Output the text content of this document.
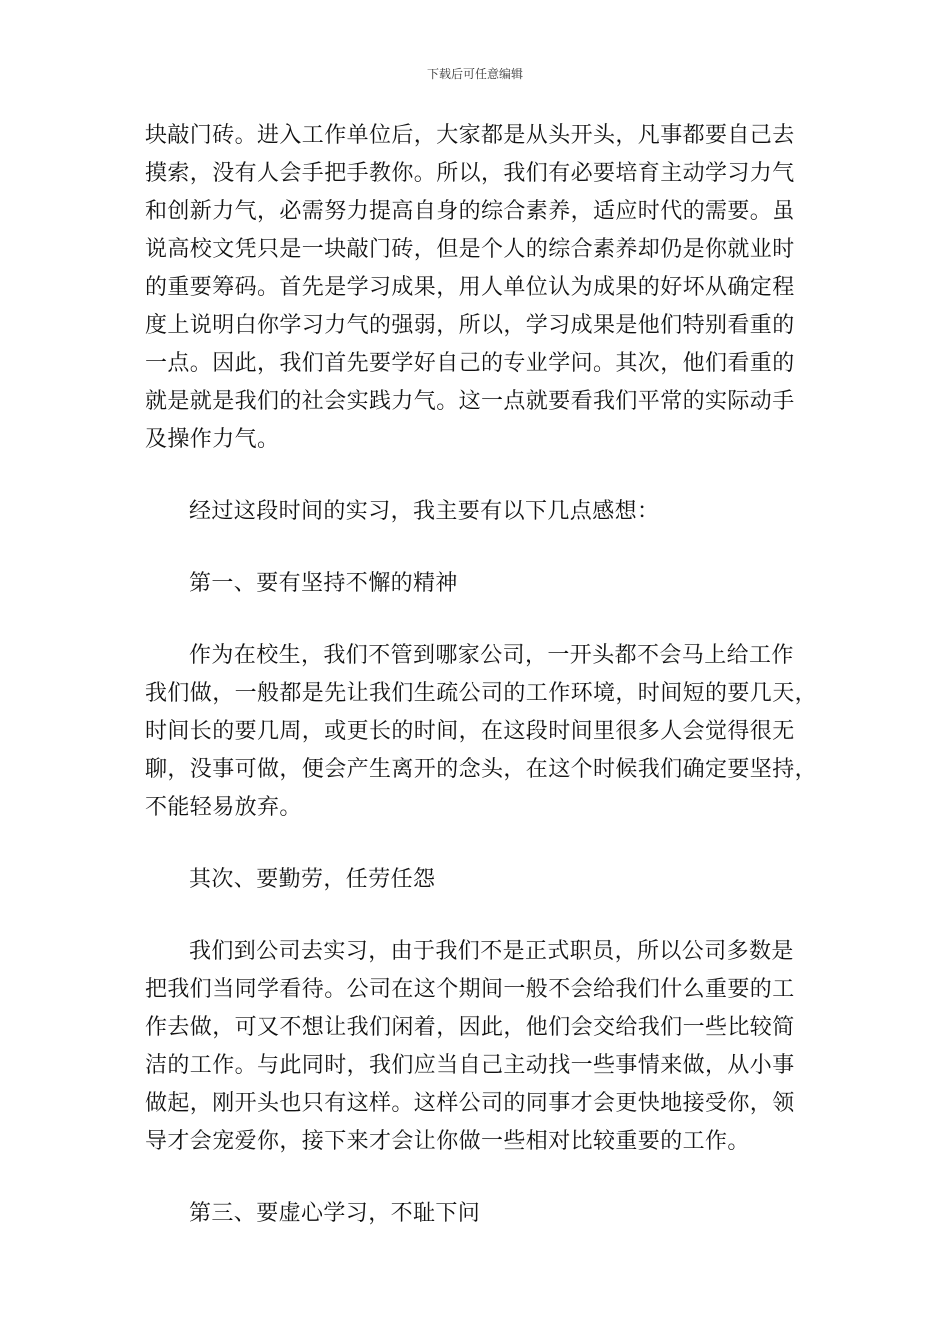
下载后可任意编辑

块敲门砖。进入工作单位后，大家都是从头开头，凡事都要自己去
摸索，没有人会手把手教你。所以，我们有必要培育主动学习力气
和创新力气，必需努力提高自身的综合素养，适应时代的需要。虽
说高校文凭只是一块敲门砖，但是个人的综合素养却仍是你就业时
的重要筹码。首先是学习成果，用人单位认为成果的好坏从确定程
度上说明白你学习力气的强弱，所以，学习成果是他们特别看重的
一点。因此，我们首先要学好自己的专业学问。其次，他们看重的
就是就是我们的社会实践力气。这一点就要看我们平常的实际动手
及操作力气。

经过这段时间的实习，我主要有以下几点感想：

第一、要有坚持不懈的精神

作为在校生，我们不管到哪家公司，一开头都不会马上给工作
我们做，一般都是先让我们生疏公司的工作环境，时间短的要几天，
时间长的要几周，或更长的时间，在这段时间里很多人会觉得很无
聊，没事可做，便会产生离开的念头，在这个时候我们确定要坚持，
不能轻易放弃。

其次、要勤劳，任劳任怨

我们到公司去实习，由于我们不是正式职员，所以公司多数是
把我们当同学看待。公司在这个期间一般不会给我们什么重要的工
作去做，可又不想让我们闲着，因此，他们会交给我们一些比较简
洁的工作。与此同时，我们应当自己主动找一些事情来做，从小事
做起，刚开头也只有这样。这样公司的同事才会更快地接受你，领
导才会宠爱你，接下来才会让你做一些相对比较重要的工作。

第三、要虚心学习，不耻下问
